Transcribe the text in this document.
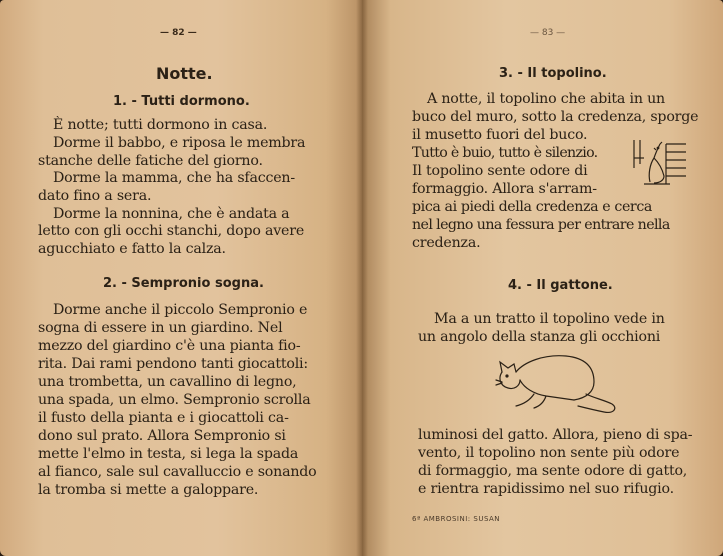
— 82 —
Notte.
1. - Tutti dormono.
È notte; tutti dormono in casa.
Dorme il babbo, e riposa le membra
stanche delle fatiche del giorno.
Dorme la mamma, che ha sfaccen-
dato fino a sera.
Dorme la nonnina, che è andata a
letto con gli occhi stanchi, dopo avere
agucchiato e fatto la calza.
2. - Sempronio sogna.
Dorme anche il piccolo Sempronio e
sogna di essere in un giardino. Nel
mezzo del giardino c'è una pianta fio-
rita. Dai rami pendono tanti giocattoli:
una trombetta, un cavallino di legno,
una spada, un elmo. Sempronio scrolla
il fusto della pianta e i giocattoli ca-
dono sul prato. Allora Sempronio si
mette l'elmo in testa, si lega la spada
al fianco, sale sul cavalluccio e sonando
la tromba si mette a galoppare.
— 83 —
3. - Il topolino.
A notte, il topolino che abita in un
buco del muro, sotto la credenza, sporge
il musetto fuori del buco.
Tutto è buio, tutto è silenzio.
Il topolino sente odore di
formaggio. Allora s'arram-
pica ai piedi della credenza e cerca
nel legno una fessura per entrare nella
credenza.
4. - Il gattone.
Ma a un tratto il topolino vede in
un angolo della stanza gli occhioni
luminosi del gatto. Allora, pieno di spa-
vento, il topolino non sente più odore
di formaggio, ma sente odore di gatto,
e rientra rapidissimo nel suo rifugio.
6ª AMBROSINI: SUSAN
